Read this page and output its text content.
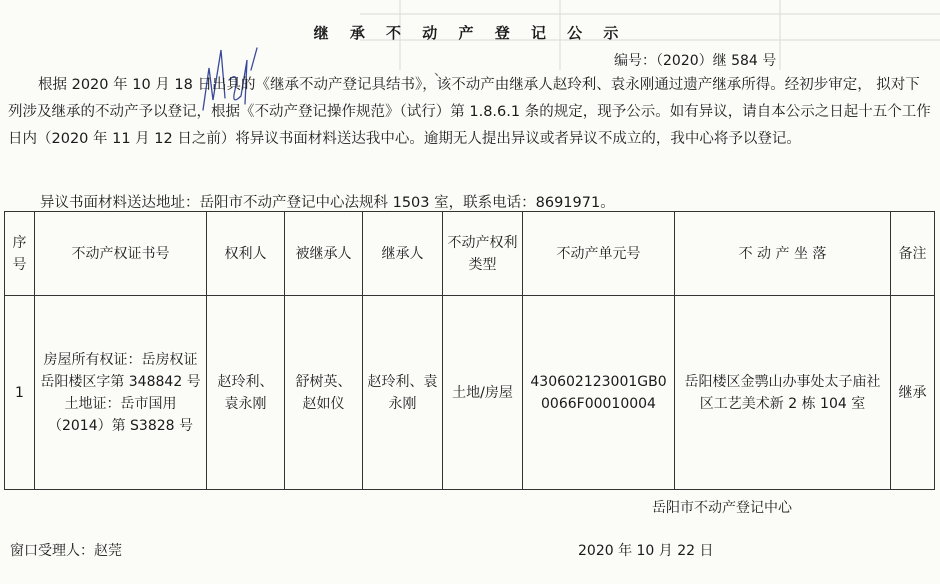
继 承 不 动 产 登 记 公 示
、
编号：（2020）继 584 号

根据 2020 年 10 月 18 日出具的《继承不动产登记具结书》，该不动产由继承人赵玲利、袁永刚通过遗产继承所得。经初步审定， 拟对下列涉及继承的不动产予以登记，根据《不动产登记操作规范》（试行）第 1.8.6.1 条的规定，现予公示。如有异议，请自本公示之日起十五个工作日内（2020 年 11 月 12 日之前）将异议书面材料送达我中心。逾期无人提出异议或者异议不成立的，我中心将予以登记。

异议书面材料送达地址：岳阳市不动产登记中心法规科 1503 室，联系电话：8691971。
序号	不动产权证书号	权利人	被继承人	继承人	不动产权利类型	不动产单元号	不 动 产 坐 落	备注
1	房屋所有权证：岳房权证岳阳楼区字第 348842 号
土地证：岳市国用（2014）第 S3828 号	赵玲利、袁永刚	舒树英、赵如仪	赵玲利、袁永刚	土地/房屋	430602123001GB00066F00010004	岳阳楼区金鹗山办事处太子庙社区工艺美术新 2 栋 104 室	继承
岳阳市不动产登记中心
窗口受理人：赵莞	2020 年 10 月 22 日
